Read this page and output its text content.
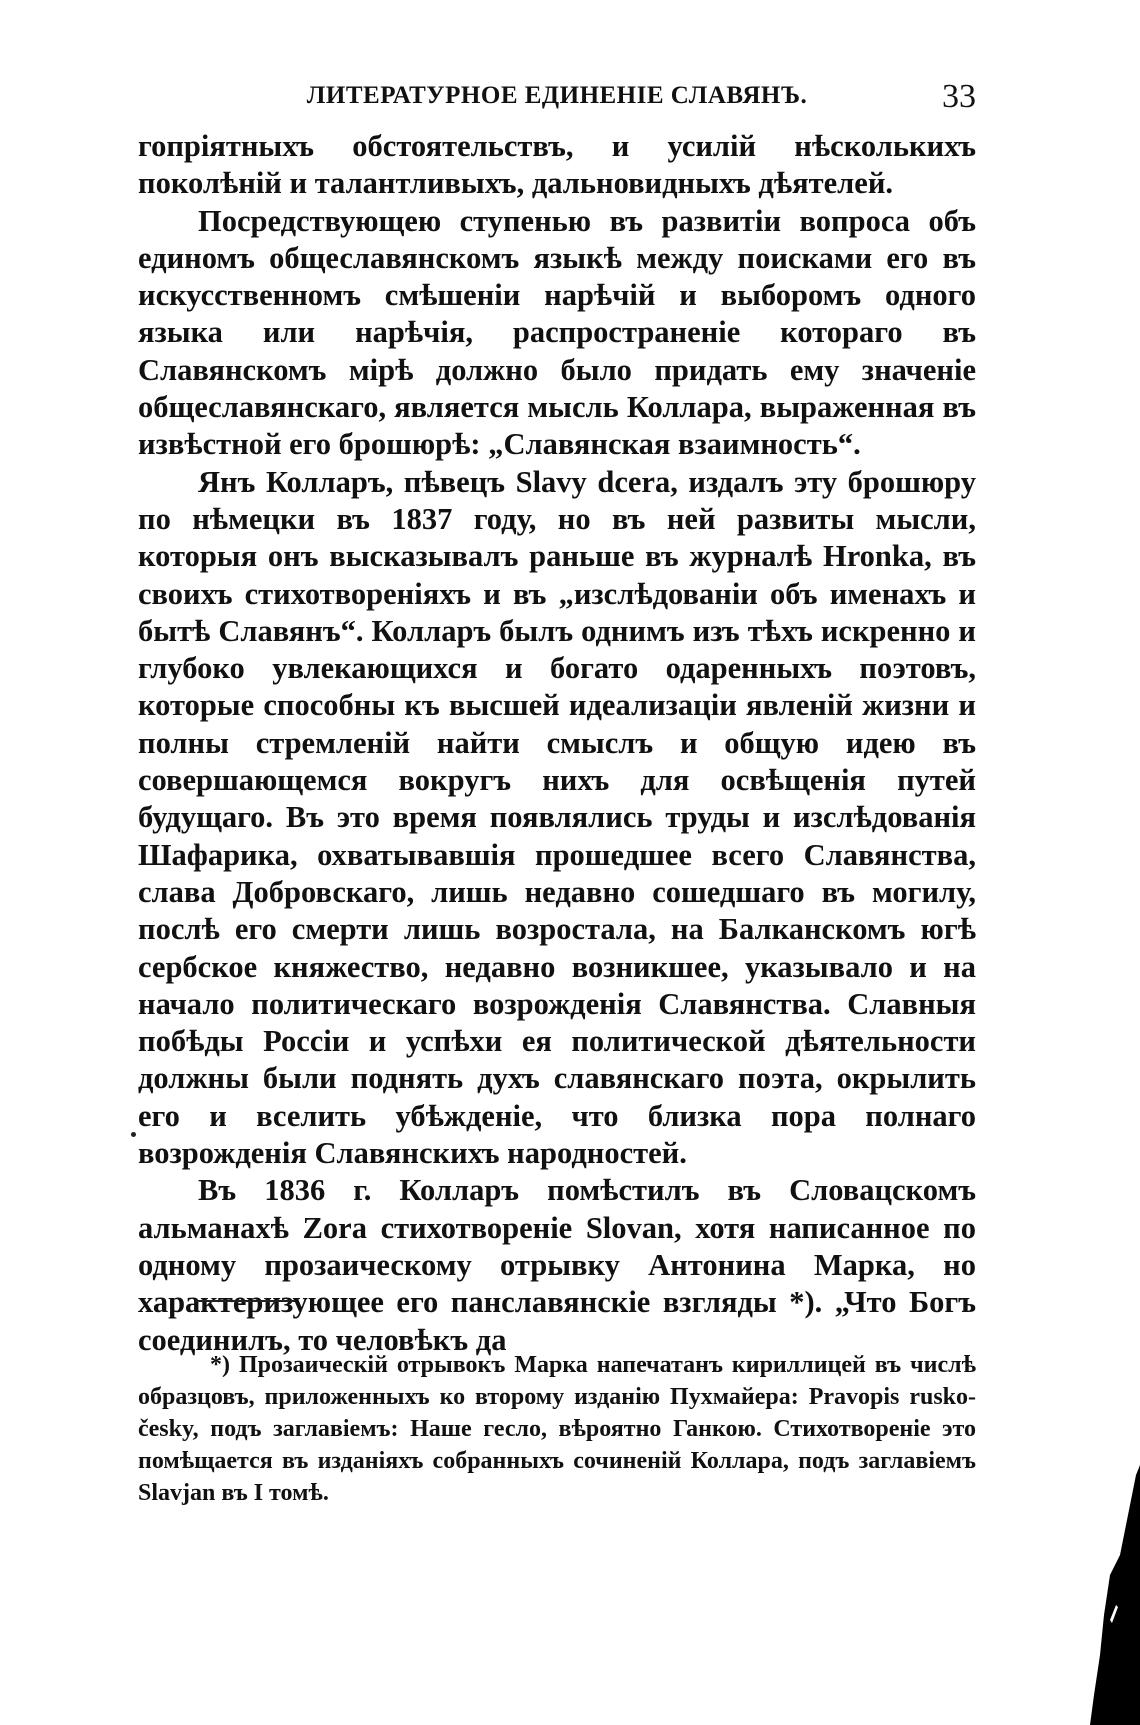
ЛИТЕРАТУРНОЕ ЕДИНЕНІЕ СЛАВЯНЪ.	33

гопріятныхъ обстоятельствъ, и усилій нѣсколькихъ поколѣній и талантливыхъ, дальновидныхъ дѣятелей.

Посредствующею ступенью въ развитіи вопроса объ единомъ общеславянскомъ языкѣ между поисками его въ искусственномъ смѣшеніи нарѣчій и выборомъ одного языка или нарѣчія, распространеніе котораго въ Славянскомъ мірѣ должно было придать ему значеніе общеславянскаго, является мысль Коллара, выраженная въ извѣстной его брошюрѣ: „Славянская взаимность“.

Янъ Колларъ, пѣвецъ Slavy dcera, издалъ эту брошюру по нѣмецки въ 1837 году, но въ ней развиты мысли, которыя онъ высказывалъ раньше въ журналѣ Hronka, въ своихъ стихотвореніяхъ и въ „изслѣдованіи объ именахъ и бытѣ Славянъ“. Колларъ былъ однимъ изъ тѣхъ искренно и глубоко увлекающихся и богато одаренныхъ поэтовъ, которые способны къ высшей идеализаціи явленій жизни и полны стремленій найти смыслъ и общую идею въ совершающемся вокругъ нихъ для освѣщенія путей будущаго. Въ это время появлялись труды и изслѣдованія Шафарика, охватывавшія прошедшее всего Славянства, слава Добровскаго, лишь недавно сошедшаго въ могилу, послѣ его смерти лишь возростала, на Балканскомъ югѣ сербское княжество, недавно возникшее, указывало и на начало политическаго возрожденія Славянства. Славныя побѣды Россіи и успѣхи ея политической дѣятельности должны были поднять духъ славянскаго поэта, окрылить его и вселить убѣжденіе, что близка пора полнаго возрожденія Славянскихъ народностей.

Въ 1836 г. Колларъ помѣстилъ въ Словацскомъ альманахѣ Zora стихотвореніе Slovan, хотя написанное по одному прозаическому отрывку Антонина Марка, но характеризующее его панславянскіе взгляды *). „Что Богъ соединилъ, то человѣкъ да

*) Прозаическій отрывокъ Марка напечатанъ кириллицей въ числѣ образцовъ, приложенныхъ ко второму изданію Пухмайера: Pravopis rusko-česky, подъ заглавіемъ: Наше гесло, вѣроятно Ганкою. Стихотвореніе это помѣщается въ изданіяхъ собранныхъ сочиненій Коллара, подъ заглавіемъ Slavjan въ I томѣ.
